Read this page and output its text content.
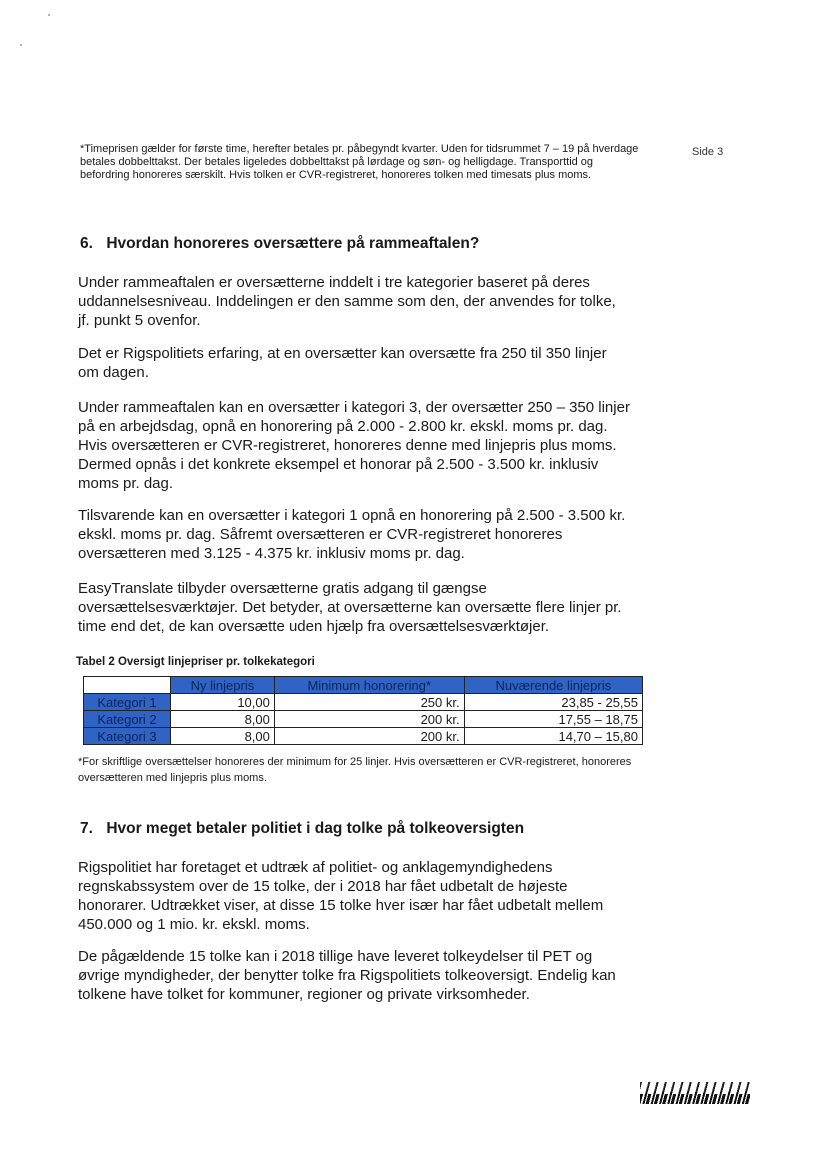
Side 3
*Timeprisen gælder for første time, herefter betales pr. påbegyndt kvarter. Uden for tidsrummet 7 – 19 på hverdage betales dobbelttakst. Der betales ligeledes dobbelttakst på lørdage og søn- og helligdage. Transporttid og befordring honoreres særskilt. Hvis tolken er CVR-registreret, honoreres tolken med timesats plus moms.
6. Hvordan honoreres oversættere på rammeaftalen?

Under rammeaftalen er oversætterne inddelt i tre kategorier baseret på deres uddannelsesniveau. Inddelingen er den samme som den, der anvendes for tolke, jf. punkt 5 ovenfor.

Det er Rigspolitiets erfaring, at en oversætter kan oversætte fra 250 til 350 linjer om dagen.

Under rammeaftalen kan en oversætter i kategori 3, der oversætter 250 – 350 linjer på en arbejdsdag, opnå en honorering på 2.000 - 2.800 kr. ekskl. moms pr. dag. Hvis oversætteren er CVR-registreret, honoreres denne med linjepris plus moms. Dermed opnås i det konkrete eksempel et honorar på 2.500 - 3.500 kr. inklusiv moms pr. dag.

Tilsvarende kan en oversætter i kategori 1 opnå en honorering på 2.500 - 3.500 kr. ekskl. moms pr. dag. Såfremt oversætteren er CVR-registreret honoreres oversætteren med 3.125 - 4.375 kr. inklusiv moms pr. dag.

EasyTranslate tilbyder oversætterne gratis adgang til gængse oversættelsesværktøjer. Det betyder, at oversætterne kan oversætte flere linjer pr. time end det, de kan oversætte uden hjælp fra oversættelsesværktøjer.

Tabel 2 Oversigt linjepriser pr. tolkekategori
	Ny linjepris	Minimum honorering*	Nuværende linjepris
Kategori 1	10,00	250 kr.	23,85 - 25,55
Kategori 2	8,00	200 kr.	17,55 – 18,75
Kategori 3	8,00	200 kr.	14,70 – 15,80
*For skriftlige oversættelser honoreres der minimum for 25 linjer. Hvis oversætteren er CVR-registreret, honoreres oversætteren med linjepris plus moms.
7. Hvor meget betaler politiet i dag tolke på tolkeoversigten

Rigspolitiet har foretaget et udtræk af politiet- og anklagemyndighedens regnskabssystem over de 15 tolke, der i 2018 har fået udbetalt de højeste honorarer. Udtrækket viser, at disse 15 tolke hver især har fået udbetalt mellem 450.000 og 1 mio. kr. ekskl. moms.

De pågældende 15 tolke kan i 2018 tillige have leveret tolkeydelser til PET og øvrige myndigheder, der benytter tolke fra Rigspolitiets tolkeoversigt. Endelig kan tolkene have tolket for kommuner, regioner og private virksomheder.
